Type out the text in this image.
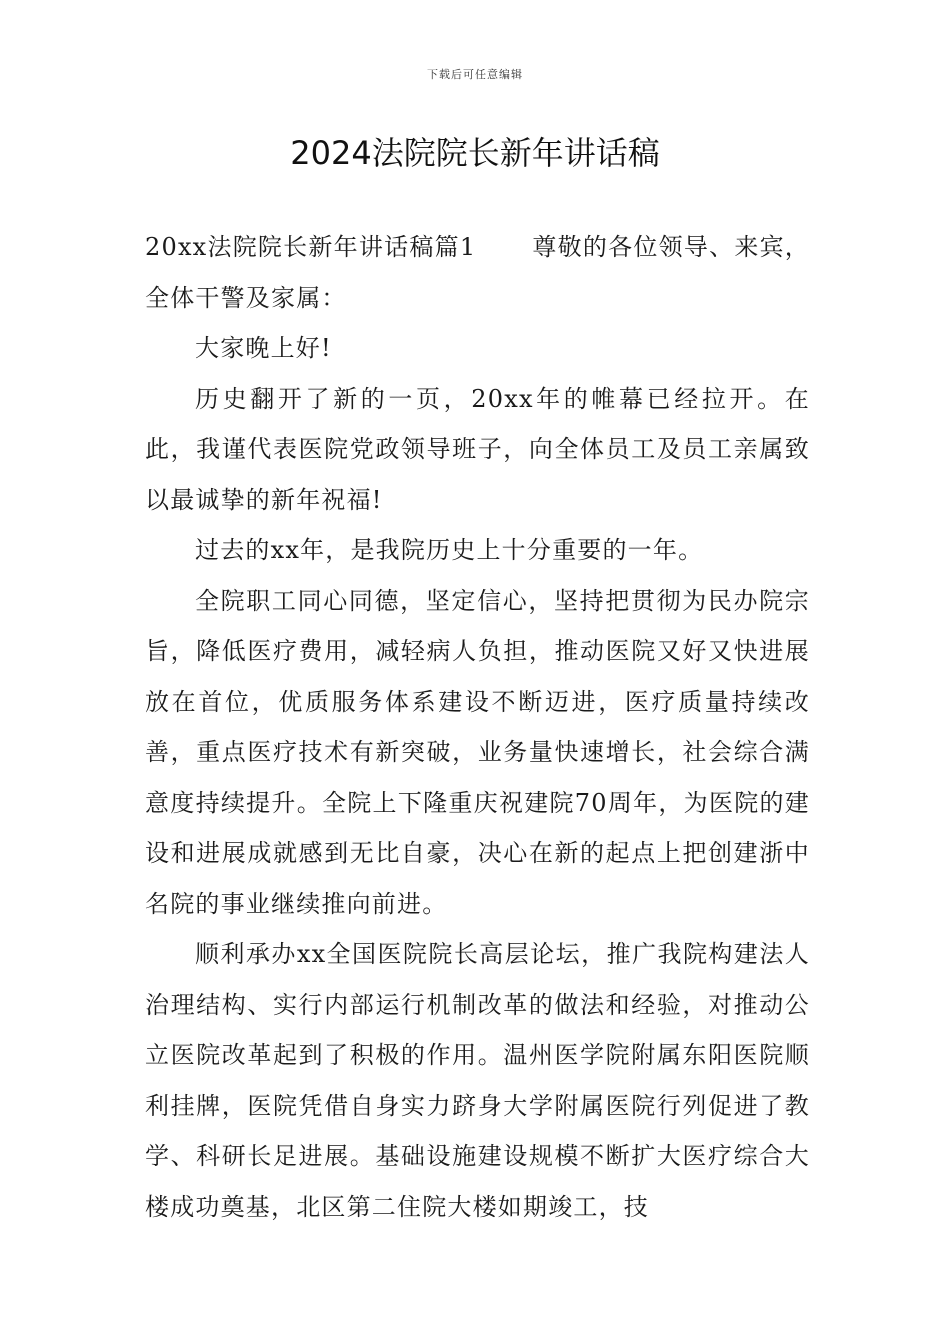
下载后可任意编辑
2024法院院长新年讲话稿

20xx法院院长新年讲话稿篇1 尊敬的各位领导、来宾，全体干警及家属：

大家晚上好!

历史翻开了新的一页，20xx年的帷幕已经拉开。在此，我谨代表医院党政领导班子，向全体员工及员工亲属致以最诚挚的新年祝福!

过去的xx年，是我院历史上十分重要的一年。

全院职工同心同德，坚定信心，坚持把贯彻为民办院宗旨，降低医疗费用，减轻病人负担，推动医院又好又快进展放在首位，优质服务体系建设不断迈进，医疗质量持续改善，重点医疗技术有新突破，业务量快速增长，社会综合满意度持续提升。全院上下隆重庆祝建院70周年，为医院的建设和进展成就感到无比自豪，决心在新的起点上把创建浙中名院的事业继续推向前进。

顺利承办xx全国医院院长高层论坛，推广我院构建法人治理结构、实行内部运行机制改革的做法和经验，对推动公立医院改革起到了积极的作用。温州医学院附属东阳医院顺利挂牌，医院凭借自身实力跻身大学附属医院行列促进了教学、科研长足进展。基础设施建设规模不断扩大医疗综合大楼成功奠基，北区第二住院大楼如期竣工，技
